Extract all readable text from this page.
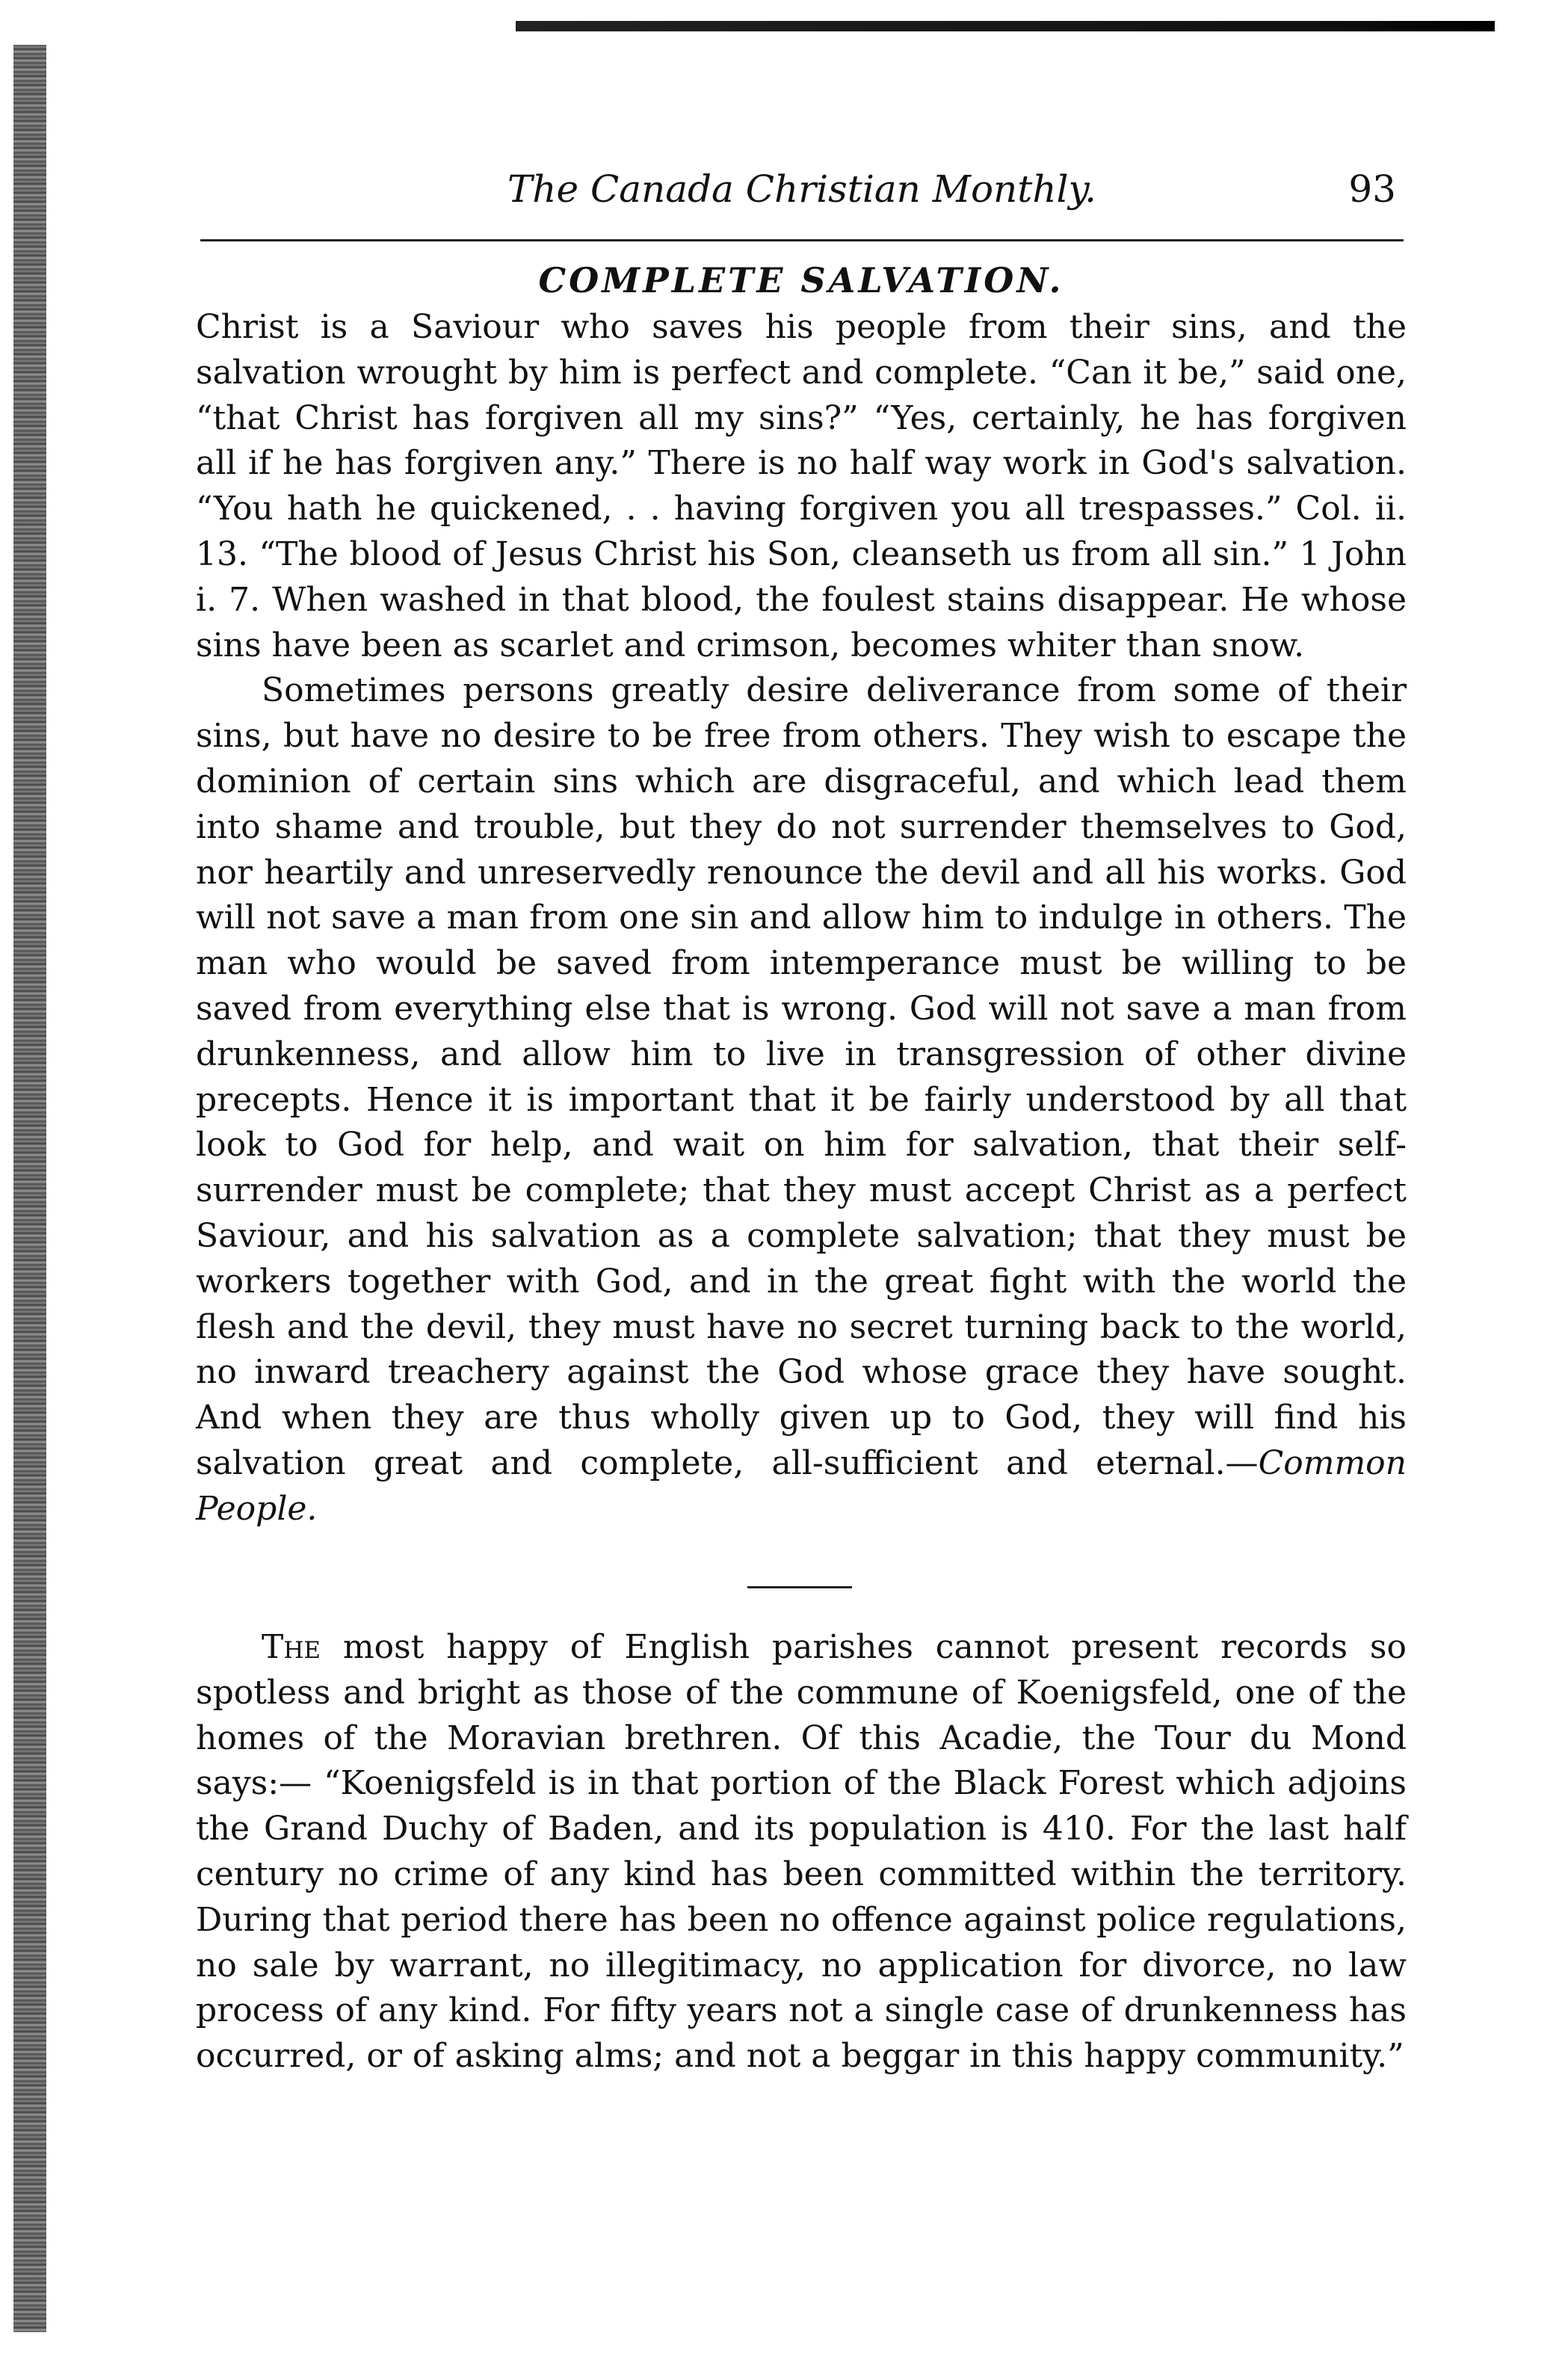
The Canada Christian Monthly.	93
COMPLETE SALVATION.

Christ is a Saviour who saves his people from their sins, and the salvation wrought by him is perfect and complete. “Can it be,” said one, “that Christ has forgiven all my sins?” “Yes, certainly, he has forgiven all if he has forgiven any.” There is no half way work in God's salvation. “You hath he quickened, . . having forgiven you all trespasses.” Col. ii. 13. “The blood of Jesus Christ his Son, cleanseth us from all sin.” 1 John i. 7. When washed in that blood, the foulest stains disappear. He whose sins have been as scarlet and crimson, becomes whiter than snow.

Sometimes persons greatly desire deliverance from some of their sins, but have no desire to be free from others. They wish to escape the dominion of certain sins which are disgraceful, and which lead them into shame and trouble, but they do not surrender themselves to God, nor heartily and unreservedly renounce the devil and all his works. God will not save a man from one sin and allow him to indulge in others. The man who would be saved from intemperance must be willing to be saved from everything else that is wrong. God will not save a man from drunkenness, and allow him to live in transgression of other divine precepts. Hence it is important that it be fairly understood by all that look to God for help, and wait on him for salvation, that their self-surrender must be complete; that they must accept Christ as a perfect Saviour, and his salvation as a complete salvation; that they must be workers together with God, and in the great fight with the world the flesh and the devil, they must have no secret turning back to the world, no inward treachery against the God whose grace they have sought. And when they are thus wholly given up to God, they will find his salvation great and complete, all-sufficient and eternal.—Common People.

The most happy of English parishes cannot present records so spotless and bright as those of the commune of Koenigsfeld, one of the homes of the Moravian brethren. Of this Acadie, the Tour du Mond says:— “Koenigsfeld is in that portion of the Black Forest which adjoins the Grand Duchy of Baden, and its population is 410. For the last half century no crime of any kind has been committed within the territory. During that period there has been no offence against police regulations, no sale by warrant, no illegitimacy, no application for divorce, no law process of any kind. For fifty years not a single case of drunkenness has occurred, or of asking alms; and not a beggar in this happy community.”
